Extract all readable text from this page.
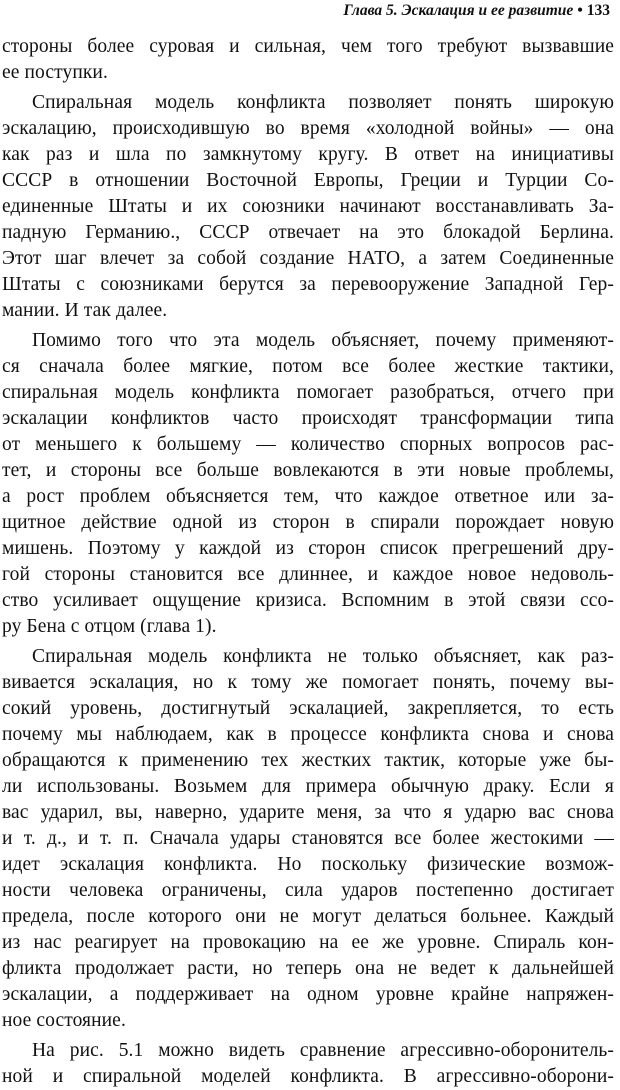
Глава 5. Эскалация и ее развитие • 133
стороны более суровая и сильная, чем того требуют вызвавшие
ее поступки.
Спиральная модель конфликта позволяет понять широкую
эскалацию, происходившую во время «холодной войны» — она
как раз и шла по замкнутому кругу. В ответ на инициативы
СССР в отношении Восточной Европы, Греции и Турции Со-
единенные Штаты и их союзники начинают восстанавливать За-
падную Германию., СССР отвечает на это блокадой Берлина.
Этот шаг влечет за собой создание НАТО, а затем Соединенные
Штаты с союзниками берутся за перевооружение Западной Гер-
мании. И так далее.
Помимо того что эта модель объясняет, почему применяют-
ся сначала более мягкие, потом все более жесткие тактики,
спиральная модель конфликта помогает разобраться, отчего при
эскалации конфликтов часто происходят трансформации типа
от меньшего к большему — количество спорных вопросов рас-
тет, и стороны все больше вовлекаются в эти новые проблемы,
а рост проблем объясняется тем, что каждое ответное или за-
щитное действие одной из сторон в спирали порождает новую
мишень. Поэтому у каждой из сторон список прегрешений дру-
гой стороны становится все длиннее, и каждое новое недоволь-
ство усиливает ощущение кризиса. Вспомним в этой связи ссо-
ру Бена с отцом (глава 1).
Спиральная модель конфликта не только объясняет, как раз-
вивается эскалация, но к тому же помогает понять, почему вы-
сокий уровень, достигнутый эскалацией, закрепляется, то есть
почему мы наблюдаем, как в процессе конфликта снова и снова
обращаются к применению тех жестких тактик, которые уже бы-
ли использованы. Возьмем для примера обычную драку. Если я
вас ударил, вы, наверно, ударите меня, за что я ударю вас снова
и т. д., и т. п. Сначала удары становятся все более жестокими —
идет эскалация конфликта. Но поскольку физические возмож-
ности человека ограничены, сила ударов постепенно достигает
предела, после которого они не могут делаться больнее. Каждый
из нас реагирует на провокацию на ее же уровне. Спираль кон-
фликта продолжает расти, но теперь она не ведет к дальнейшей
эскалации, а поддерживает на одном уровне крайне напряжен-
ное состояние.
На рис. 5.1 можно видеть сравнение агрессивно-оборонитель-
ной и спиральной моделей конфликта. В агрессивно-оборони-
